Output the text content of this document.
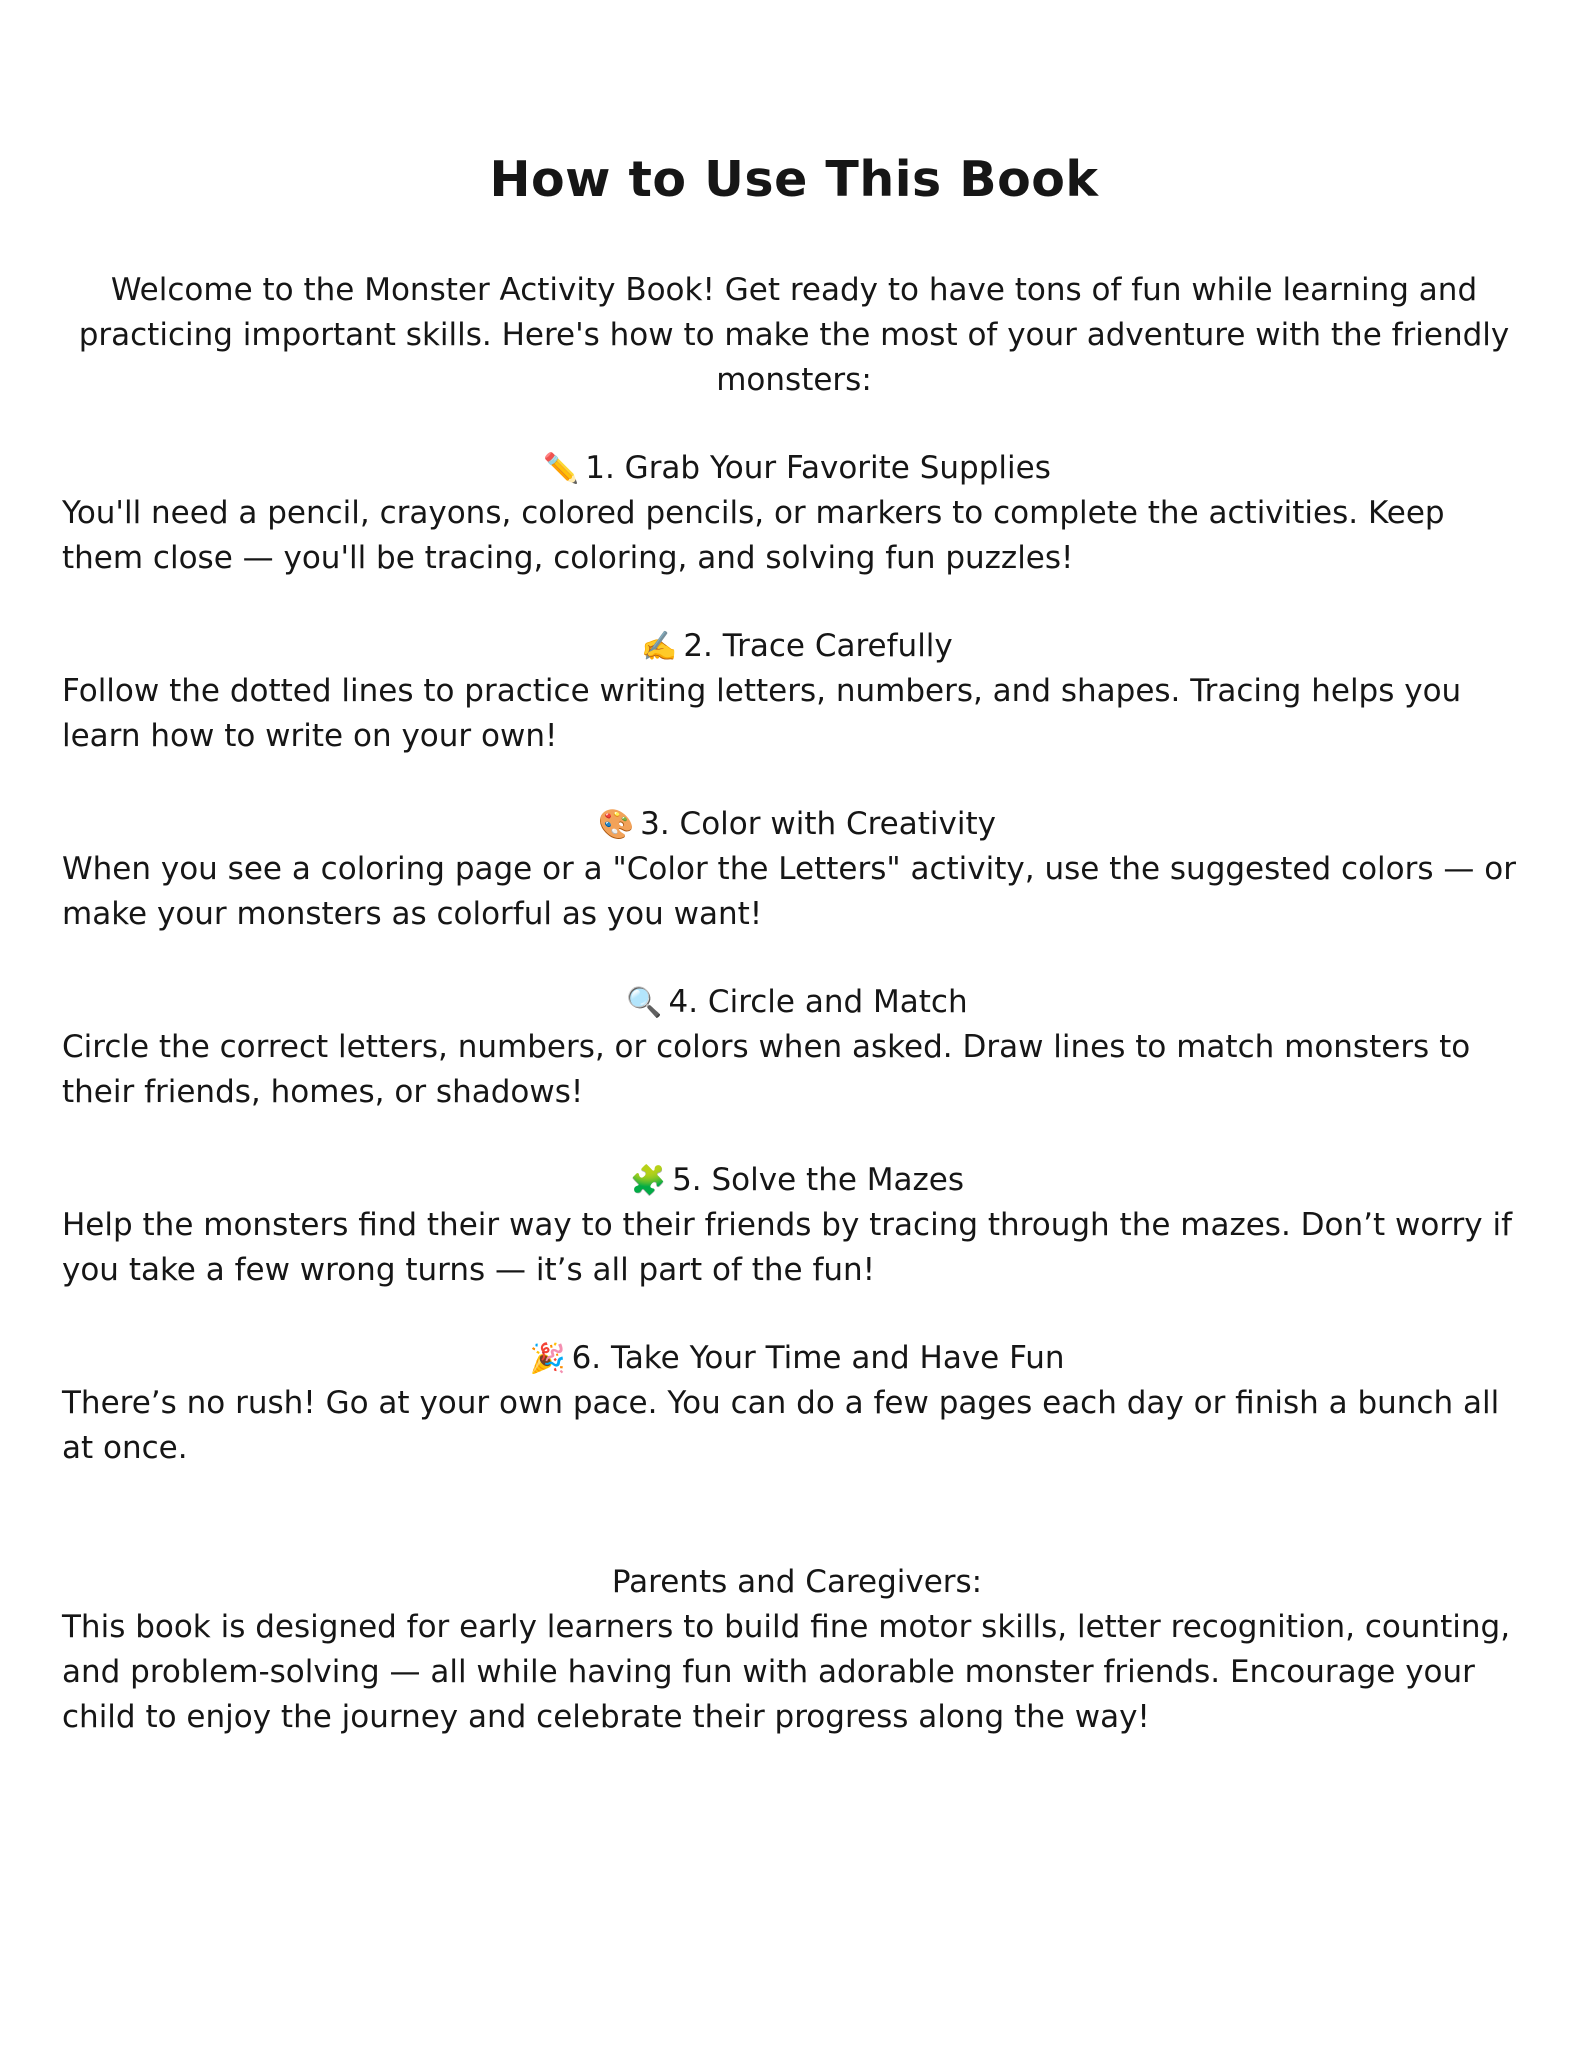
How to Use This Book

Welcome to the Monster Activity Book! Get ready to have tons of fun while learning and practicing important skills. Here's how to make the most of your adventure with the friendly monsters:

✏️ 1. Grab Your Favorite Supplies

You'll need a pencil, crayons, colored pencils, or markers to complete the activities. Keep them close — you'll be tracing, coloring, and solving fun puzzles!

✍️ 2. Trace Carefully

Follow the dotted lines to practice writing letters, numbers, and shapes. Tracing helps you learn how to write on your own!

🎨 3. Color with Creativity

When you see a coloring page or a "Color the Letters" activity, use the suggested colors — or make your monsters as colorful as you want!

🔍 4. Circle and Match

Circle the correct letters, numbers, or colors when asked. Draw lines to match monsters to their friends, homes, or shadows!

🧩 5. Solve the Mazes

Help the monsters find their way to their friends by tracing through the mazes. Don’t worry if you take a few wrong turns — it’s all part of the fun!

🎉 6. Take Your Time and Have Fun

There’s no rush! Go at your own pace. You can do a few pages each day or finish a bunch all at once.

Parents and Caregivers:

This book is designed for early learners to build fine motor skills, letter recognition, counting, and problem-solving — all while having fun with adorable monster friends. Encourage your child to enjoy the journey and celebrate their progress along the way!
